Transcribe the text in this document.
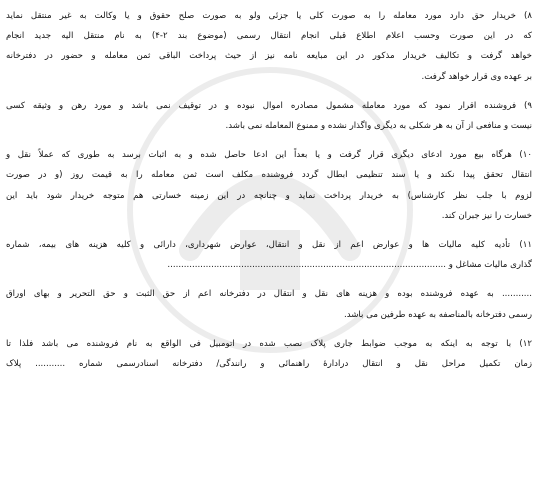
۸) خریدار حق دارد مورد معامله را به صورت کلی یا جزئی ولو به صورت صلح حقوق و یا وکالت به غیر منتقل نماید
که در این صورت وحسب اعلام اطلاع قبلی انجام انتقال رسمی (موضوع بند ۲-۴) به نام منتقل الیه جدید انجام
خواهد گرفت و تکالیف خریدار مذکور در این مبایعه نامه نیز از حیث پرداخت الباقی ثمن معامله و حضور در دفترخانه
بر عهده وی قرار خواهد گرفت.

۹) فروشنده اقرار نمود که مورد معامله مشمول مصادره اموال نبوده و در توقیف نمی باشد و مورد رهن و وثیقه کسی
نیست و منافعی از آن به هر شکلی به دیگری واگذار نشده و ممنوع المعامله نمی باشد.

۱۰) هرگاه بیع مورد ادعای دیگری قرار گرفت و یا بعداً این ادعا حاصل شده و به اثبات برسد به طوری که عملاً نقل و
انتقال تحقق پیدا نکند و یا سند تنظیمی ابطال گردد فروشنده مکلف است ثمن معامله را به قیمت روز (و در صورت
لزوم با جلب نظر کارشناس) به خریدار پرداخت نماید و چنانچه در این زمینه خسارتی هم متوجه خریدار شود باید این
خسارت را نیز جبران کند.

۱۱) تأدیه کلیه مالیات ها و عوارض اعم از نقل و انتقال، عوارض شهرداری، دارائی و کلیه هزینه های بیمه، شماره
گذاری مالیات مشاغل و ......................................................................................................

........... به عهده فروشنده بوده و هزینه های نقل و انتقال در دفترخانه اعم از حق الثبت و حق التحریر و بهای اوراق
رسمی دفترخانه بالمناصفه به عهده طرفین می باشد.

۱۲) با توجه به اینکه به موجب ضوابط جاری پلاک نصب شده در اتومبیل فی الواقع به نام فروشنده می باشد فلذا تا
زمان تکمیل مراحل نقل و انتقال درادارهٔ راهنمائی و رانندگی/ دفترخانه اسنادرسمی شماره ........... پلاک
